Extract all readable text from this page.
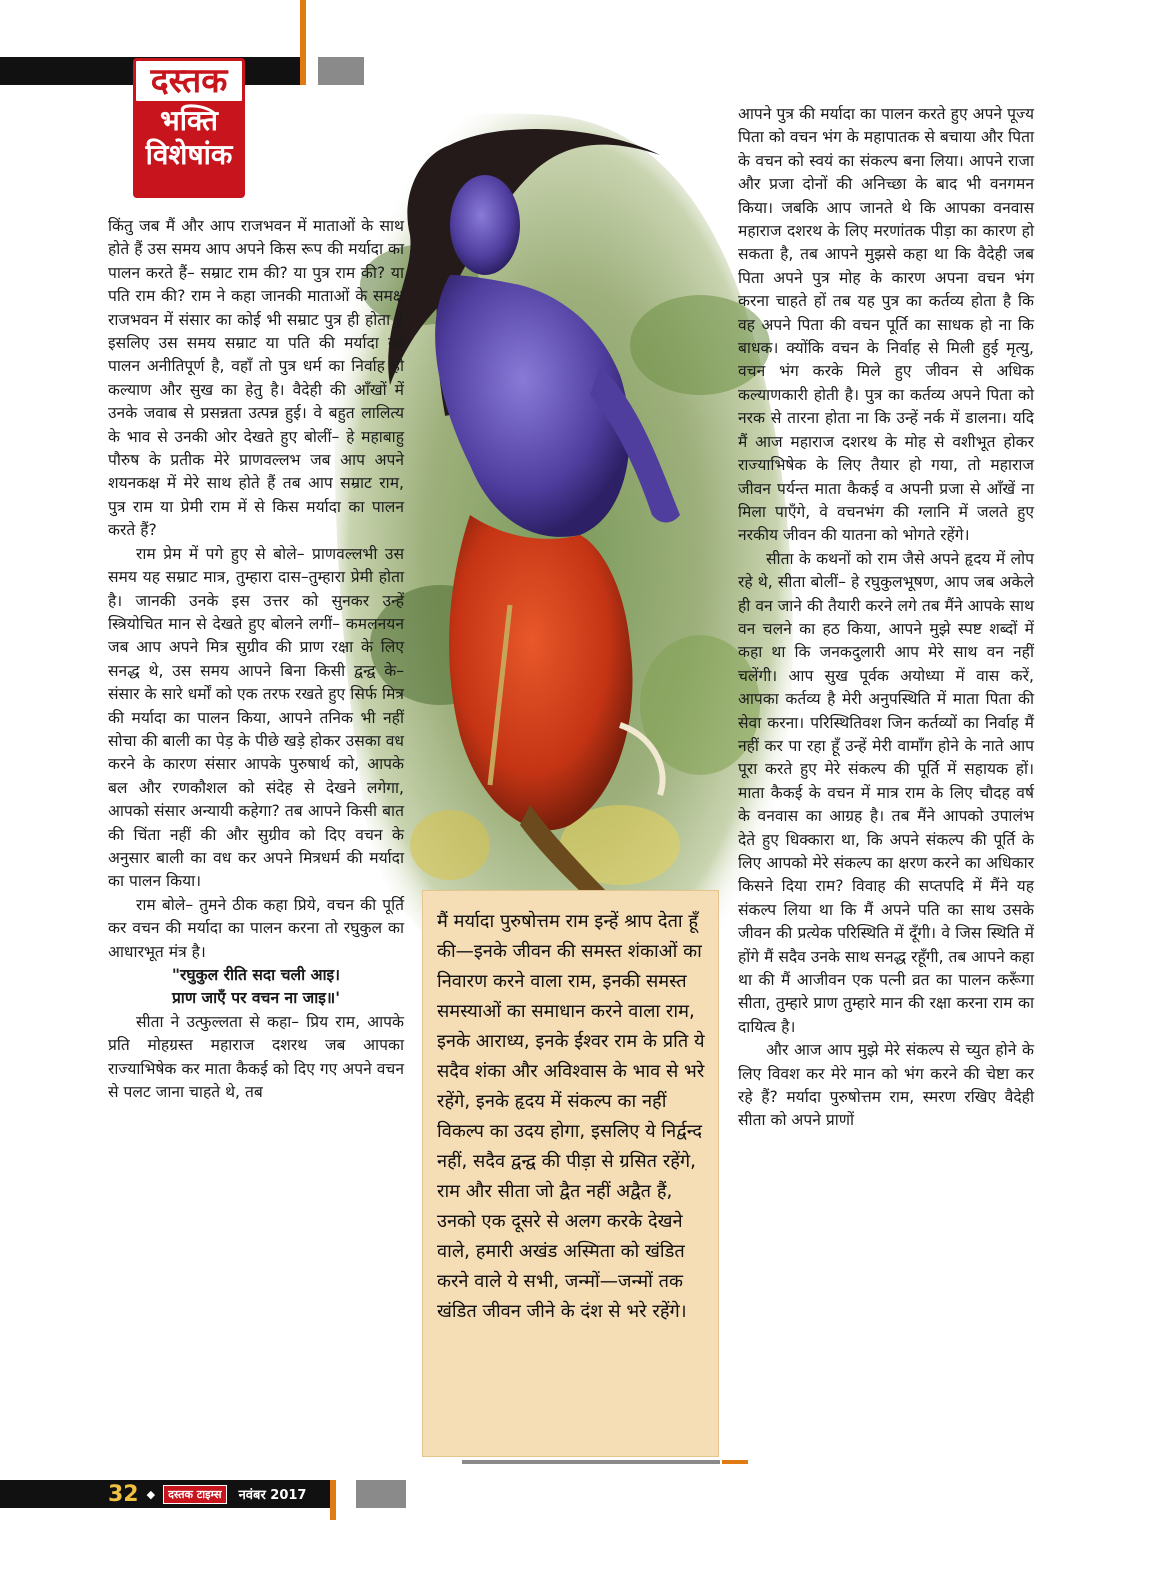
दस्तक
भक्ति
विशेषांक

किंतु जब मैं और आप राजभवन में माताओं के साथ होते हैं उस समय आप अपने किस रूप की मर्यादा का पालन करते हैं– सम्राट राम की? या पुत्र राम की? या पति राम की? राम ने कहा जानकी माताओं के समक्ष राजभवन में संसार का कोई भी सम्राट पुत्र ही होता है इसलिए उस समय सम्राट या पति की मर्यादा का पालन अनीतिपूर्ण है, वहाँ तो पुत्र धर्म का निर्वाह ही कल्याण और सुख का हेतु है। वैदेही की आँखों में उनके जवाब से प्रसन्नता उत्पन्न हुई। वे बहुत लालित्य के भाव से उनकी ओर देखते हुए बोलीं– हे महाबाहु पौरुष के प्रतीक मेरे प्राणवल्लभ जब आप अपने शयनकक्ष में मेरे साथ होते हैं तब आप सम्राट राम, पुत्र राम या प्रेमी राम में से किस मर्यादा का पालन करते हैं?

राम प्रेम में पगे हुए से बोले– प्राणवल्लभी उस समय यह सम्राट मात्र, तुम्हारा दास–तुम्हारा प्रेमी होता है। जानकी उनके इस उत्तर को सुनकर उन्हें स्त्रियोचित मान से देखते हुए बोलने लगीं– कमलनयन जब आप अपने मित्र सुग्रीव की प्राण रक्षा के लिए सनद्ध थे, उस समय आपने बिना किसी द्वन्द्व के– संसार के सारे धर्मों को एक तरफ रखते हुए सिर्फ मित्र की मर्यादा का पालन किया, आपने तनिक भी नहीं सोचा की बाली का पेड़ के पीछे खड़े होकर उसका वध करने के कारण संसार आपके पुरुषार्थ को, आपके बल और रणकौशल को संदेह से देखने लगेगा, आपको संसार अन्यायी कहेगा? तब आपने किसी बात की चिंता नहीं की और सुग्रीव को दिए वचन के अनुसार बाली का वध कर अपने मित्रधर्म की मर्यादा का पालन किया।

राम बोले– तुमने ठीक कहा प्रिये, वचन की पूर्ति कर वचन की मर्यादा का पालन करना तो रघुकुल का आधारभूत मंत्र है।

"रघुकुल रीति सदा चली आइ।

प्राण जाएँ पर वचन ना जाइ॥'

सीता ने उत्फुल्लता से कहा– प्रिय राम, आपके प्रति मोहग्रस्त महाराज दशरथ जब आपका राज्याभिषेक कर माता कैकई को दिए गए अपने वचन से पलट जाना चाहते थे, तब

आपने पुत्र की मर्यादा का पालन करते हुए अपने पूज्य पिता को वचन भंग के महापातक से बचाया और पिता के वचन को स्वयं का संकल्प बना लिया। आपने राजा और प्रजा दोनों की अनिच्छा के बाद भी वनगमन किया। जबकि आप जानते थे कि आपका वनवास महाराज दशरथ के लिए मरणांतक पीड़ा का कारण हो सकता है, तब आपने मुझसे कहा था कि वैदेही जब पिता अपने पुत्र मोह के कारण अपना वचन भंग करना चाहते हों तब यह पुत्र का कर्तव्य होता है कि वह अपने पिता की वचन पूर्ति का साधक हो ना कि बाधक। क्योंकि वचन के निर्वाह से मिली हुई मृत्यु, वचन भंग करके मिले हुए जीवन से अधिक कल्याणकारी होती है। पुत्र का कर्तव्य अपने पिता को नरक से तारना होता ना कि उन्हें नर्क में डालना। यदि मैं आज महाराज दशरथ के मोह से वशीभूत होकर राज्याभिषेक के लिए तैयार हो गया, तो महाराज जीवन पर्यन्त माता कैकई व अपनी प्रजा से आँखें ना मिला पाएँगे, वे वचनभंग की ग्लानि में जलते हुए नरकीय जीवन की यातना को भोगते रहेंगे।

सीता के कथनों को राम जैसे अपने हृदय में लोप रहे थे, सीता बोलीं– हे रघुकुलभूषण, आप जब अकेले ही वन जाने की तैयारी करने लगे तब मैंने आपके साथ वन चलने का हठ किया, आपने मुझे स्पष्ट शब्दों में कहा था कि जनकदुलारी आप मेरे साथ वन नहीं चलेंगी। आप सुख पूर्वक अयोध्या में वास करें, आपका कर्तव्य है मेरी अनुपस्थिति में माता पिता की सेवा करना। परिस्थितिवश जिन कर्तव्यों का निर्वाह मैं नहीं कर पा रहा हूँ उन्हें मेरी वामाँग होने के नाते आप पूरा करते हुए मेरे संकल्प की पूर्ति में सहायक हों। माता कैकई के वचन में मात्र राम के लिए चौदह वर्ष के वनवास का आग्रह है। तब मैंने आपको उपालंभ देते हुए धिक्कारा था, कि अपने संकल्प की पूर्ति के लिए आपको मेरे संकल्प का क्षरण करने का अधिकार किसने दिया राम? विवाह की सप्तपदि में मैंने यह संकल्प लिया था कि मैं अपने पति का साथ उसके जीवन की प्रत्येक परिस्थिति में दूँगी। वे जिस स्थिति में होंगे मैं सदैव उनके साथ सनद्ध रहूँगी, तब आपने कहा था की मैं आजीवन एक पत्नी व्रत का पालन करूँगा सीता, तुम्हारे प्राण तुम्हारे मान की रक्षा करना राम का दायित्व है।

और आज आप मुझे मेरे संकल्प से च्युत होने के लिए विवश कर मेरे मान को भंग करने की चेष्टा कर रहे हैं? मर्यादा पुरुषोत्तम राम, स्मरण रखिए वैदेही सीता को अपने प्राणों

मैं मर्यादा पुरुषोत्तम राम इन्हें श्राप देता हूँ की—इनके जीवन की समस्त शंकाओं का निवारण करने वाला राम, इनकी समस्त समस्याओं का समाधान करने वाला राम, इनके आराध्य, इनके ईश्वर राम के प्रति ये सदैव शंका और अविश्वास के भाव से भरे रहेंगे, इनके हृदय में संकल्प का नहीं विकल्प का उदय होगा, इसलिए ये निर्द्वन्द नहीं, सदैव द्वन्द्व की पीड़ा से ग्रसित रहेंगे, राम और सीता जो द्वैत नहीं अद्वैत हैं, उनको एक दूसरे से अलग करके देखने वाले, हमारी अखंड अस्मिता को खंडित करने वाले ये सभी, जन्मों—जन्मों तक खंडित जीवन जीने के दंश से भरे रहेंगे।
32 ◆	दस्तक टाइम्स	नवंबर 2017
